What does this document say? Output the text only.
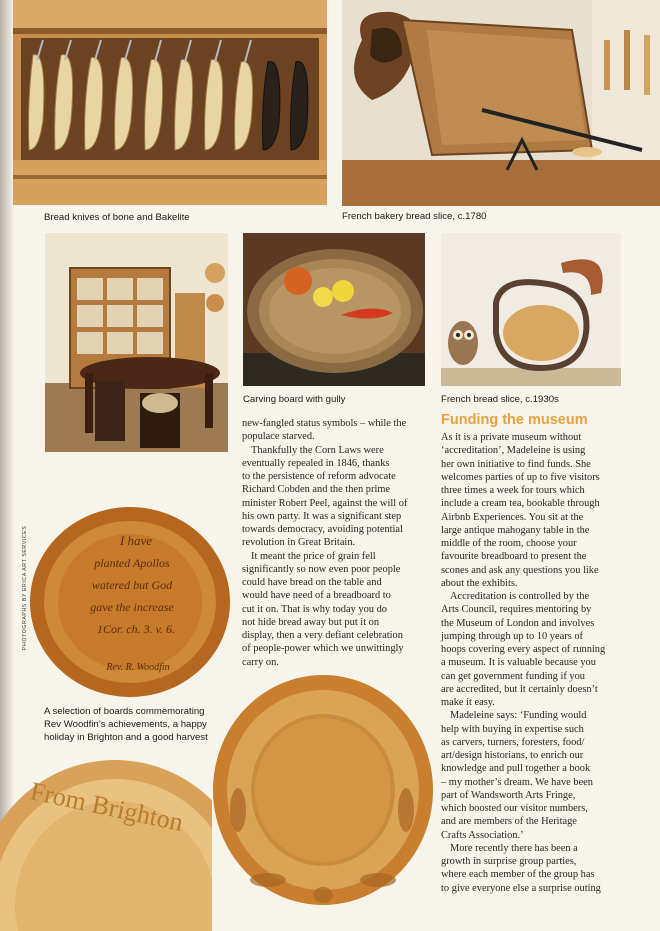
Bread knives of bone and Bakelite	French bakery bread slice, c.1780
Carving board with gully	French bread slice, c.1930s
I have
planted Apollos
watered but God
gave the increase
1Cor. ch. 3. v. 6.
Rev. R. Woodfin
PHOTOGRAPHS BY ERICA ART SERVICES
A selection of boards commemorating
Rev Woodfin’s achievements, a happy
holiday in Brighton and a good harvest
From Brighton

new-fangled status symbols – while the

populace starved.

Thankfully the Corn Laws were

eventually repealed in 1846, thanks

to the persistence of reform advocate

Richard Cobden and the then prime

minister Robert Peel, against the will of

his own party. It was a significant step

towards democracy, avoiding potential

revolution in Great Britain.

It meant the price of grain fell

significantly so now even poor people

could have bread on the table and

would have need of a breadboard to

cut it on. That is why today you do

not hide bread away but put it on

display, then a very defiant celebration

of people-power which we unwittingly

carry on.

Funding the museum

As it is a private museum without

‘accreditation’, Madeleine is using

her own initiative to find funds. She

welcomes parties of up to five visitors

three times a week for tours which

include a cream tea, bookable through

Airbnb Experiences. You sit at the

large antique mahogany table in the

middle of the room, choose your

favourite breadboard to present the

scones and ask any questions you like

about the exhibits.

Accreditation is controlled by the

Arts Council, requires mentoring by

the Museum of London and involves

jumping through up to 10 years of

hoops covering every aspect of running

a museum. It is valuable because you

can get government funding if you

are accredited, but it certainly doesn’t

make it easy.

Madeleine says: ‘Funding would

help with buying in expertise such

as carvers, turners, foresters, food/

art/design historians, to enrich our

knowledge and pull together a book

– my mother’s dream. We have been

part of Wandsworth Arts Fringe,

which boosted our visitor numbers,

and are members of the Heritage

Crafts Association.’

More recently there has been a

growth in surprise group parties,

where each member of the group has

to give everyone else a surprise outing
